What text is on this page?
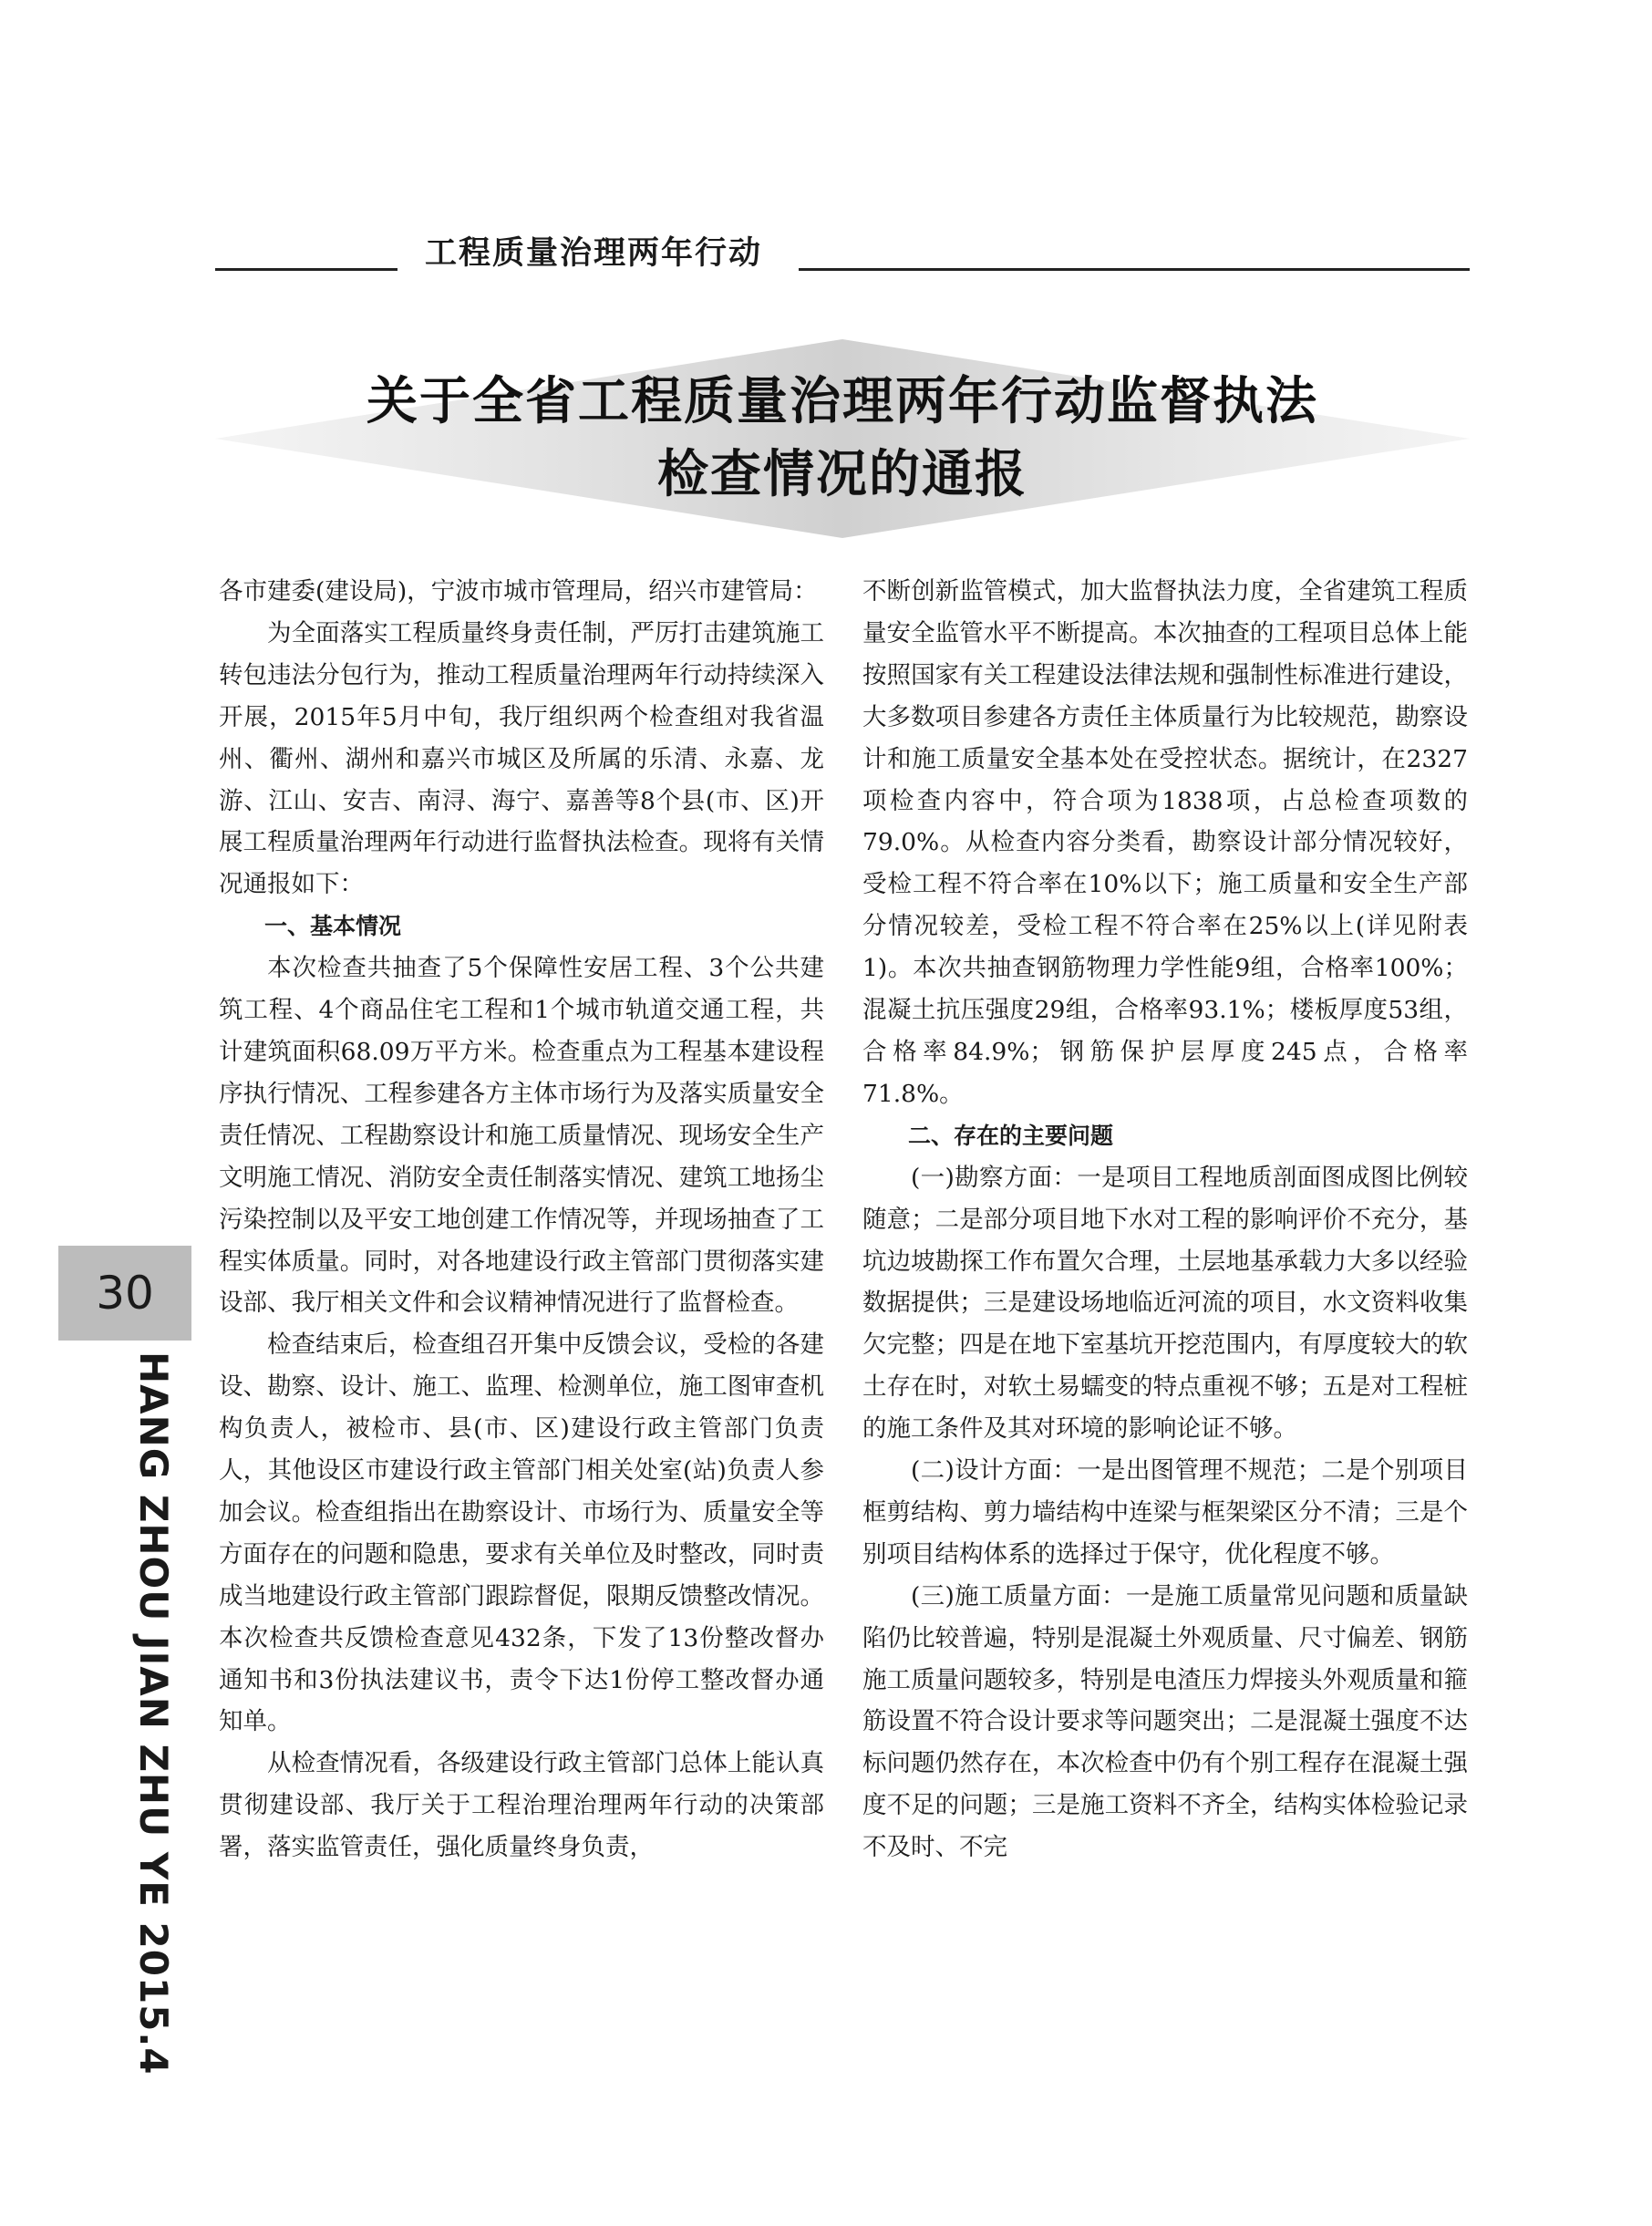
工程质量治理两年行动
关于全省工程质量治理两年行动监督执法
检查情况的通报

各市建委(建设局)，宁波市城市管理局，绍兴市建管局：

为全面落实工程质量终身责任制，严厉打击建筑施工转包违法分包行为，推动工程质量治理两年行动持续深入开展，2015年5月中旬，我厅组织两个检查组对我省温州、衢州、湖州和嘉兴市城区及所属的乐清、永嘉、龙游、江山、安吉、南浔、海宁、嘉善等8个县(市、区)开展工程质量治理两年行动进行监督执法检查。现将有关情况通报如下：

一、基本情况

本次检查共抽查了5个保障性安居工程、3个公共建筑工程、4个商品住宅工程和1个城市轨道交通工程，共计建筑面积68.09万平方米。检查重点为工程基本建设程序执行情况、工程参建各方主体市场行为及落实质量安全责任情况、工程勘察设计和施工质量情况、现场安全生产文明施工情况、消防安全责任制落实情况、建筑工地扬尘污染控制以及平安工地创建工作情况等，并现场抽查了工程实体质量。同时，对各地建设行政主管部门贯彻落实建设部、我厅相关文件和会议精神情况进行了监督检查。

检查结束后，检查组召开集中反馈会议，受检的各建设、勘察、设计、施工、监理、检测单位，施工图审查机构负责人，被检市、县(市、区)建设行政主管部门负责人，其他设区市建设行政主管部门相关处室(站)负责人参加会议。检查组指出在勘察设计、市场行为、质量安全等方面存在的问题和隐患，要求有关单位及时整改，同时责成当地建设行政主管部门跟踪督促，限期反馈整改情况。本次检查共反馈检查意见432条，下发了13份整改督办通知书和3份执法建议书，责令下达1份停工整改督办通知单。

从检查情况看，各级建设行政主管部门总体上能认真贯彻建设部、我厅关于工程治理治理两年行动的决策部署，落实监管责任，强化质量终身负责，

不断创新监管模式，加大监督执法力度，全省建筑工程质量安全监管水平不断提高。本次抽查的工程项目总体上能按照国家有关工程建设法律法规和强制性标准进行建设，大多数项目参建各方责任主体质量行为比较规范，勘察设计和施工质量安全基本处在受控状态。据统计，在2327项检查内容中，符合项为1838项，占总检查项数的79.0%。从检查内容分类看，勘察设计部分情况较好，受检工程不符合率在10%以下；施工质量和安全生产部分情况较差，受检工程不符合率在25%以上(详见附表1)。本次共抽查钢筋物理力学性能9组，合格率100%；混凝土抗压强度29组，合格率93.1%；楼板厚度53组，合格率84.9%；钢筋保护层厚度245点，合格率71.8%。

二、存在的主要问题

(一)勘察方面：一是项目工程地质剖面图成图比例较随意；二是部分项目地下水对工程的影响评价不充分，基坑边坡勘探工作布置欠合理，土层地基承载力大多以经验数据提供；三是建设场地临近河流的项目，水文资料收集欠完整；四是在地下室基坑开挖范围内，有厚度较大的软土存在时，对软土易蠕变的特点重视不够；五是对工程桩的施工条件及其对环境的影响论证不够。

(二)设计方面：一是出图管理不规范；二是个别项目框剪结构、剪力墙结构中连梁与框架梁区分不清；三是个别项目结构体系的选择过于保守，优化程度不够。

(三)施工质量方面：一是施工质量常见问题和质量缺陷仍比较普遍，特别是混凝土外观质量、尺寸偏差、钢筋施工质量问题较多，特别是电渣压力焊接头外观质量和箍筋设置不符合设计要求等问题突出；二是混凝土强度不达标问题仍然存在，本次检查中仍有个别工程存在混凝土强度不足的问题；三是施工资料不齐全，结构实体检验记录不及时、不完

30
HANG ZHOU JIAN ZHU YE 2015.4
